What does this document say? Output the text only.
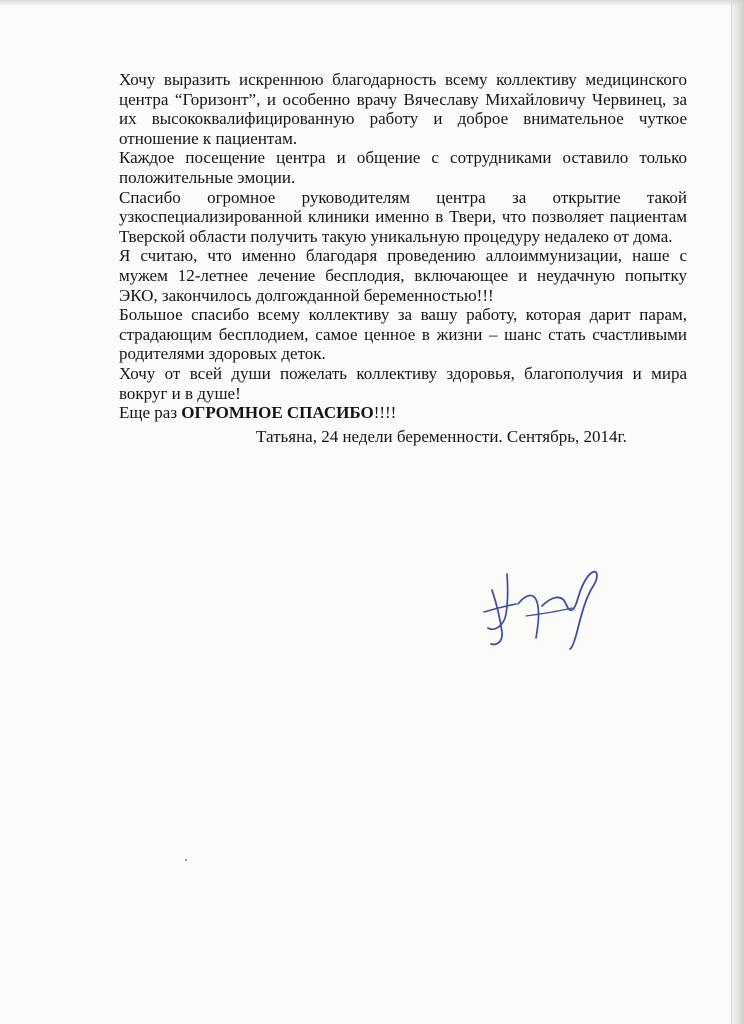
Хочу выразить искреннюю благодарность всему коллективу медицинского центра “Горизонт”, и особенно врачу Вячеславу Михайловичу Червинец, за их высококвалифицированную работу и доброе внимательное чуткое отношение к пациентам.

Каждое посещение центра и общение с сотрудниками оставило только положительные эмоции.

Спасибо огромное руководителям центра за открытие такой узкоспециализированной клиники именно в Твери, что позволяет пациентам Тверской области получить такую уникальную процедуру недалеко от дома.

Я считаю, что именно благодаря проведению аллоиммунизации, наше с мужем 12-летнее лечение бесплодия, включающее и неудачную попытку ЭКО, закончилось долгожданной беременностью!!!

Большое спасибо всему коллективу за вашу работу, которая дарит парам, страдающим бесплодием, самое ценное в жизни – шанс стать счастливыми родителями здоровых деток.

Хочу от всей души пожелать коллективу здоровья, благополучия и мира вокруг и в душе!

Еще раз ОГРОМНОЕ СПАСИБО!!!!

Татьяна, 24 недели беременности. Сентябрь, 2014г.
